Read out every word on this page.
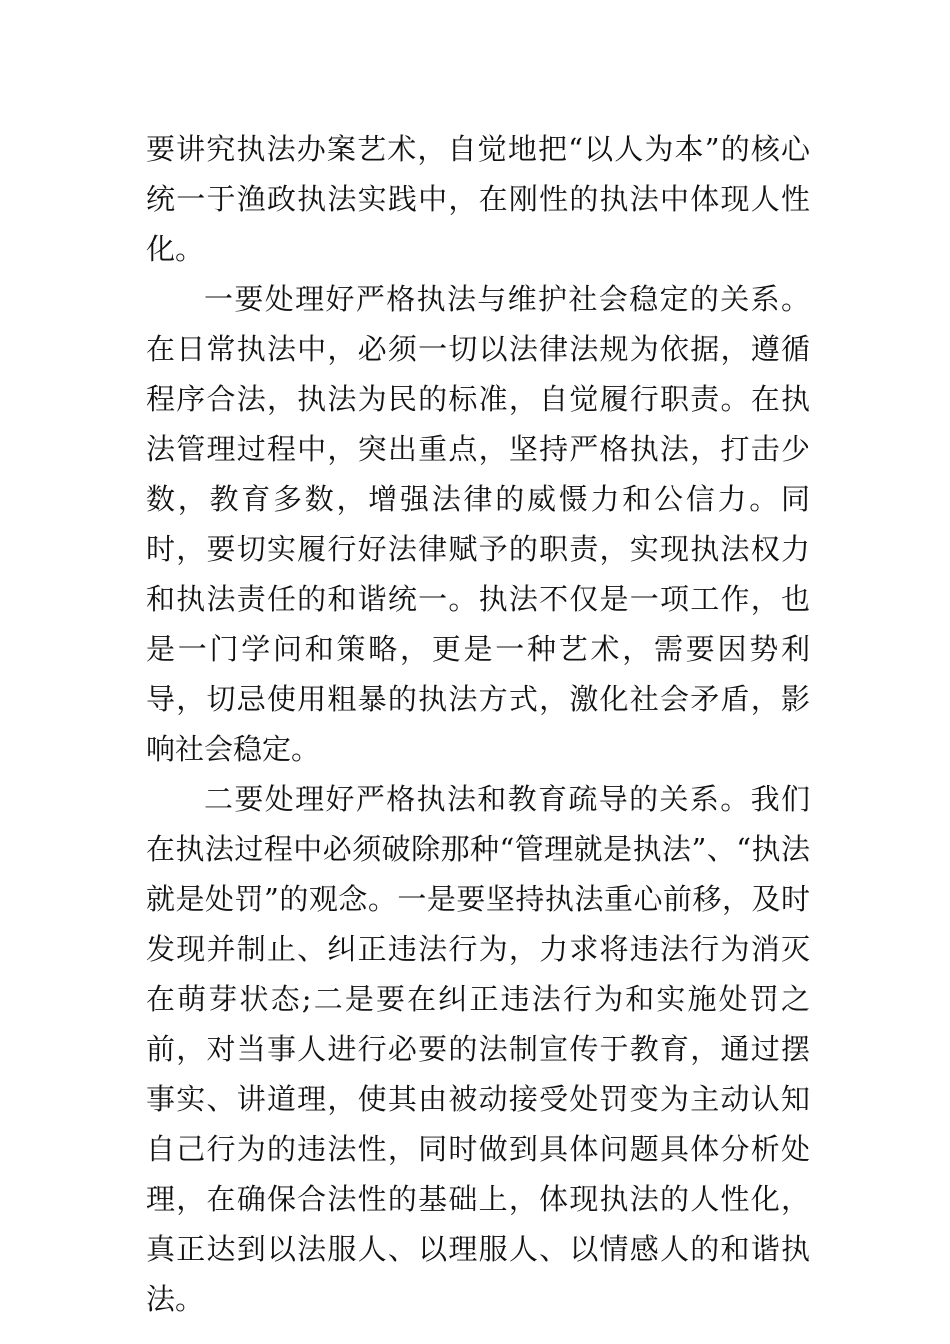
要讲究执法办案艺术，自觉地把“以人为本”的核心统一于渔政执法实践中，在刚性的执法中体现人性化。

一要处理好严格执法与维护社会稳定的关系。在日常执法中，必须一切以法律法规为依据，遵循程序合法，执法为民的标准，自觉履行职责。在执法管理过程中，突出重点，坚持严格执法，打击少数，教育多数，增强法律的威慑力和公信力。同时，要切实履行好法律赋予的职责，实现执法权力和执法责任的和谐统一。执法不仅是一项工作，也是一门学问和策略，更是一种艺术，需要因势利导，切忌使用粗暴的执法方式，激化社会矛盾，影响社会稳定。

二要处理好严格执法和教育疏导的关系。我们在执法过程中必须破除那种“管理就是执法”、“执法就是处罚”的观念。一是要坚持执法重心前移，及时发现并制止、纠正违法行为，力求将违法行为消灭在萌芽状态;二是要在纠正违法行为和实施处罚之前，对当事人进行必要的法制宣传于教育，通过摆事实、讲道理，使其由被动接受处罚变为主动认知自己行为的违法性，同时做到具体问题具体分析处理，在确保合法性的基础上，体现执法的人性化，真正达到以法服人、以理服人、以情感人的和谐执法。
